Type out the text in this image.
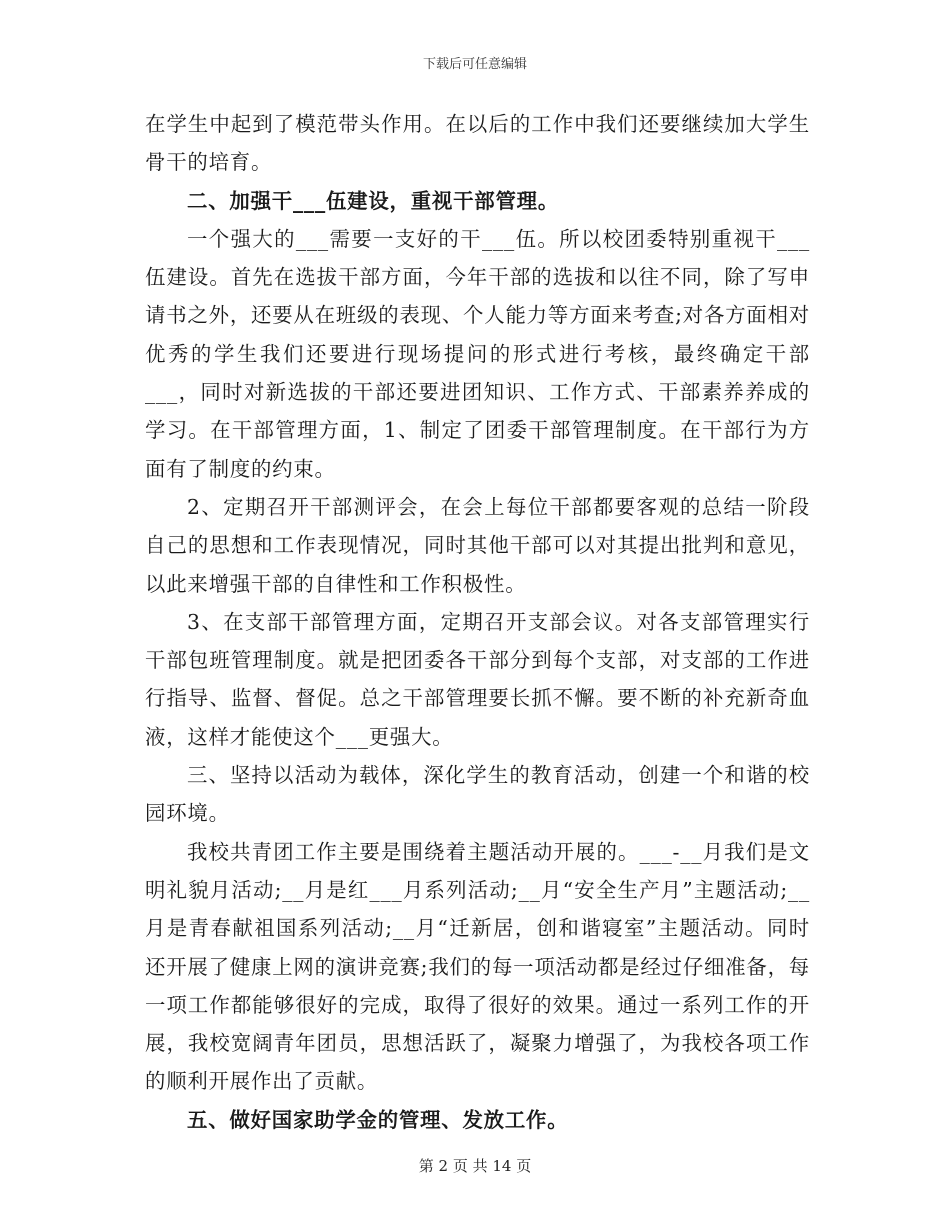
下载后可任意编辑

在学生中起到了模范带头作用。在以后的工作中我们还要继续加大学生骨干的培育。

二、加强干___伍建设，重视干部管理。

一个强大的___需要一支好的干___伍。所以校团委特别重视干___伍建设。首先在选拔干部方面，今年干部的选拔和以往不同，除了写申请书之外，还要从在班级的表现、个人能力等方面来考查;对各方面相对优秀的学生我们还要进行现场提问的形式进行考核，最终确定干部___，同时对新选拔的干部还要进团知识、工作方式、干部素养养成的学习。在干部管理方面，1、制定了团委干部管理制度。在干部行为方面有了制度的约束。

2、定期召开干部测评会，在会上每位干部都要客观的总结一阶段自己的思想和工作表现情况，同时其他干部可以对其提出批判和意见，以此来增强干部的自律性和工作积极性。

3、在支部干部管理方面，定期召开支部会议。对各支部管理实行干部包班管理制度。就是把团委各干部分到每个支部，对支部的工作进行指导、监督、督促。总之干部管理要长抓不懈。要不断的补充新奇血液，这样才能使这个___更强大。

三、坚持以活动为载体，深化学生的教育活动，创建一个和谐的校园环境。

我校共青团工作主要是围绕着主题活动开展的。___-__月我们是文明礼貌月活动;__月是红___月系列活动;__月“安全生产月”主题活动;__月是青春献祖国系列活动;__月“迁新居，创和谐寝室”主题活动。同时还开展了健康上网的演讲竞赛;我们的每一项活动都是经过仔细准备，每一项工作都能够很好的完成，取得了很好的效果。通过一系列工作的开展，我校宽阔青年团员，思想活跃了，凝聚力增强了，为我校各项工作的顺利开展作出了贡献。

五、做好国家助学金的管理、发放工作。

第 2 页 共 14 页
